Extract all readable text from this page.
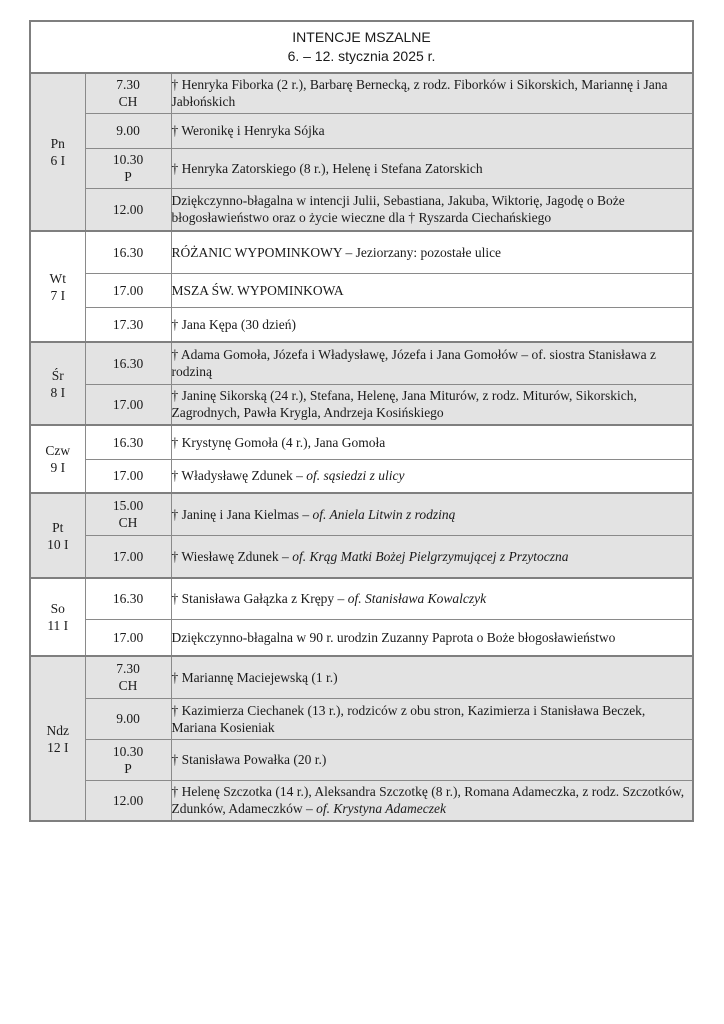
INTENCJE MSZALNE
6. – 12. stycznia 2025 r.		

Pn
6 I	7.30
CH	† Henryka Fiborka (2 r.), Barbarę Bernecką, z rodz. Fiborków i Sikorskich, Mariannę i Jana Jabłońskich

	9.00	† Weronikę i Henryka Sójka

	10.30
P	† Henryka Zatorskiego (8 r.), Helenę i Stefana Zatorskich

	12.00	Dziękczynno-błagalna w intencji Julii, Sebastiana, Jakuba, Wiktorię, Jagodę o Boże błogosławieństwo oraz o życie wieczne dla † Ryszarda Ciechańskiego

Wt
7 I	16.30	RÓŻANIC WYPOMINKOWY – Jeziorzany: pozostałe ulice

	17.00	MSZA ŚW. WYPOMINKOWA

	17.30	† Jana Kępa (30 dzień)

Śr
8 I	16.30	† Adama Gomoła, Józefa i Władysławę, Józefa i Jana Gomołów – of. siostra Stanisława z rodziną

	17.00	† Janinę Sikorską (24 r.), Stefana, Helenę, Jana Miturów, z rodz. Miturów, Sikorskich, Zagrodnych, Pawła Krygla, Andrzeja Kosińskiego

Czw
9 I	16.30	† Krystynę Gomoła (4 r.), Jana Gomoła

	17.00	† Władysławę Zdunek – of. sąsiedzi z ulicy

Pt
10 I	15.00
CH	† Janinę i Jana Kielmas – of. Aniela Litwin z rodziną

	17.00	† Wiesławę Zdunek – of. Krąg Matki Bożej Pielgrzymującej z Przytoczna

So
11 I	16.30	† Stanisława Gałązka z Krępy – of. Stanisława Kowalczyk

	17.00	Dziękczynno-błagalna w 90 r. urodzin Zuzanny Paprota o Boże błogosławieństwo

Ndz
12 I	7.30
CH	† Mariannę Maciejewską (1 r.)

	9.00	† Kazimierza Ciechanek (13 r.), rodziców z obu stron, Kazimierza i Stanisława Beczek, Mariana Kosieniak

	10.30
P	† Stanisława Powałka (20 r.)

	12.00	† Helenę Szczotka (14 r.), Aleksandra Szczotkę (8 r.), Romana Adameczka, z rodz. Szczotków, Zdunków, Adameczków – of. Krystyna Adameczek
